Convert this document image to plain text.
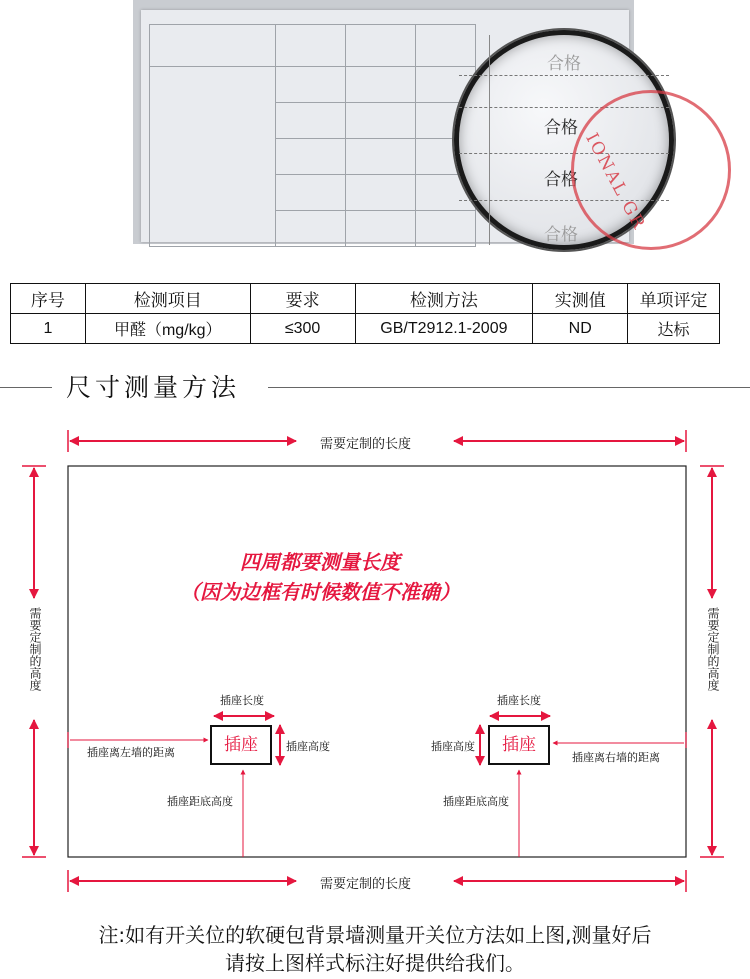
合格
合格
合格
合格
IONAL GR
序号	检测项目	要求	检测方法	实测值	单项评定
1	甲醛（mg/kg）	≤300	GB/T2912.1-2009	ND	达标
尺寸测量方法
需要定制的长度
需要定制的长度
需要定制的高度	需要定制的高度
四周都要测量长度
（因为边框有时候数值不准确）
插座长度
插座	插座高度
插座离左墙的距离
插座距底高度
插座长度
插座
插座高度
插座离右墙的距离
插座距底高度
注:如有开关位的软硬包背景墙测量开关位方法如上图,测量好后
请按上图样式标注好提供给我们。
